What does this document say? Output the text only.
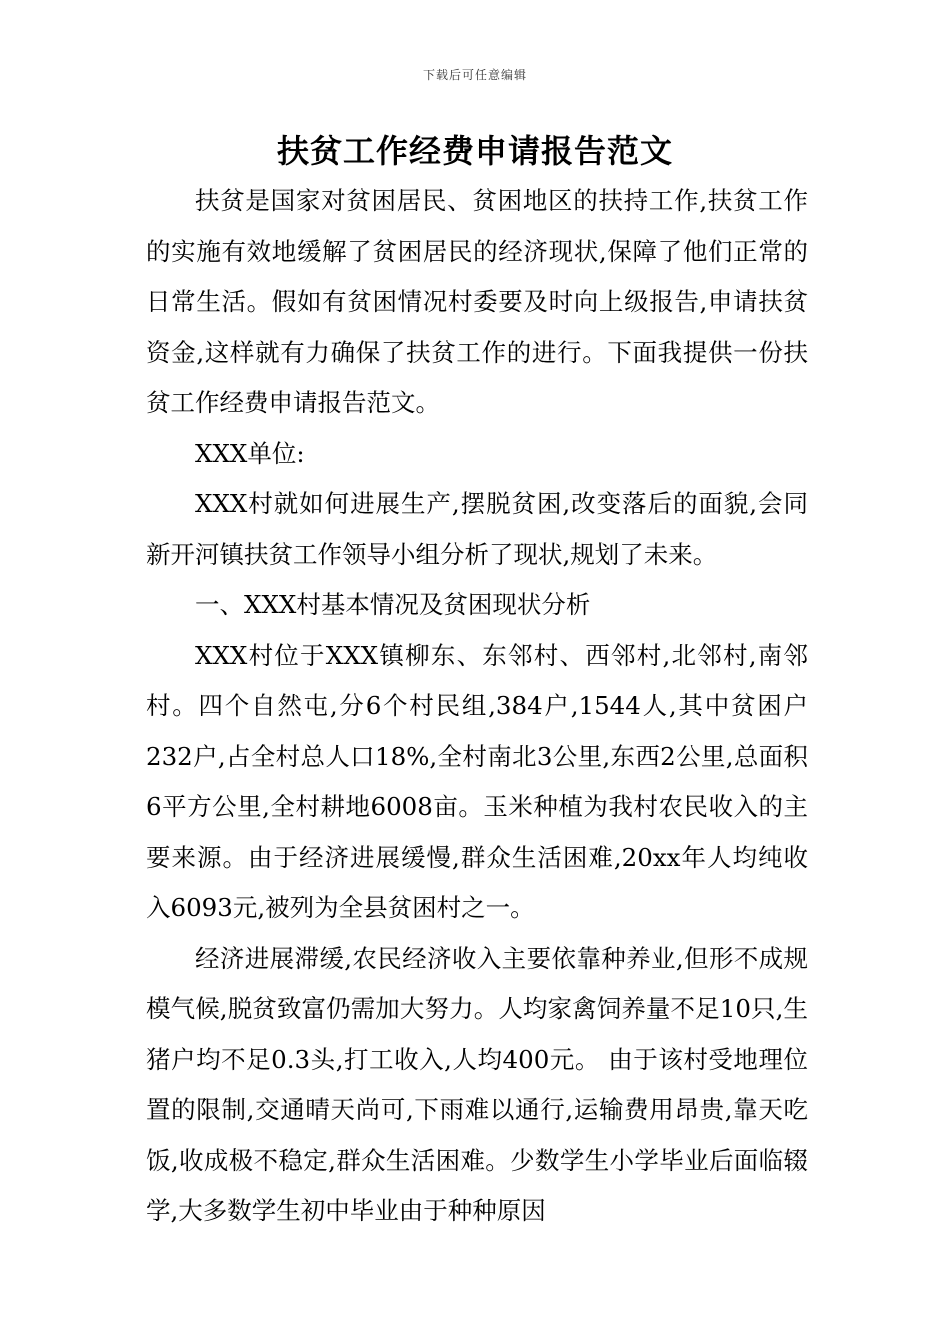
下载后可任意编辑
扶贫工作经费申请报告范文

扶贫是国家对贫困居民、贫困地区的扶持工作,扶贫工作的实施有效地缓解了贫困居民的经济现状,保障了他们正常的日常生活。假如有贫困情况村委要及时向上级报告,申请扶贫资金,这样就有力确保了扶贫工作的进行。下面我提供一份扶贫工作经费申请报告范文。

XXX单位:

XXX村就如何进展生产,摆脱贫困,改变落后的面貌,会同新开河镇扶贫工作领导小组分析了现状,规划了未来。

一、XXX村基本情况及贫困现状分析

XXX村位于XXX镇柳东、东邻村、西邻村,北邻村,南邻村。四个自然屯,分6个村民组,384户,1544人,其中贫困户232户,占全村总人口18%,全村南北3公里,东西2公里,总面积6平方公里,全村耕地6008亩。玉米种植为我村农民收入的主要来源。由于经济进展缓慢,群众生活困难,20xx年人均纯收入6093元,被列为全县贫困村之一。

经济进展滞缓,农民经济收入主要依靠种养业,但形不成规模气候,脱贫致富仍需加大努力。人均家禽饲养量不足10只,生猪户均不足0.3头,打工收入,人均400元。 由于该村受地理位置的限制,交通晴天尚可,下雨难以通行,运输费用昂贵,靠天吃饭,收成极不稳定,群众生活困难。少数学生小学毕业后面临辍学,大多数学生初中毕业由于种种原因
